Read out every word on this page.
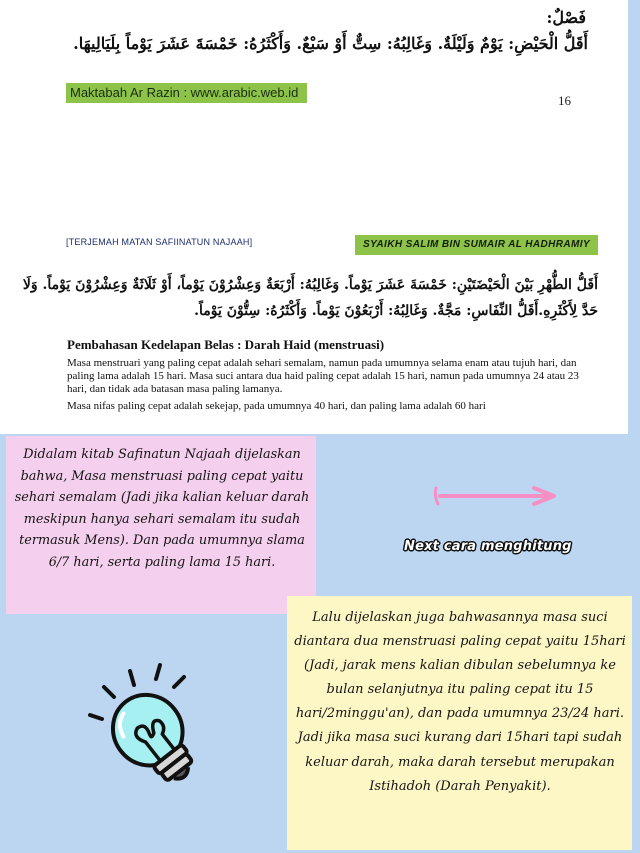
فَصْلٌ:
أَقَلُّ الْحَيْضِ: يَوْمٌ وَلَيْلَةٌ. وَغَالِبُهُ: سِتٌّ أَوْ سَبْعٌ. وَأَكْثَرُهُ: خَمْسَةَ عَشَرَ يَوْماً بِلَيَالِيهَا.
Maktabah Ar Razin : www.arabic.web.id
16
[TERJEMAH MATAN SAFIINATUN NAJAAH]	SYAIKH SALIM BIN SUMAIR AL HADHRAMIY
أَقَلُّ الطُّهْرِ بَيْنَ الْحَيْضَتَيْنِ: خَمْسَةَ عَشَرَ يَوْماً. وَغَالِبُهُ: أَرْبَعَةٌ وَعِشْرُوْنَ يَوْماً، أَوْ ثَلَاثَةٌ وَعِشْرُوْنَ يَوْماً. وَلَا
حَدَّ لِأَكْثَرِهِ.أَقَلُّ النِّفَاسِ: مَجَّةٌ. وَغَالِبُهُ: أَرْبَعُوْنَ يَوْماً. وَأَكْثَرُهُ: سِتُّوْنَ يَوْماً.
Pembahasan Kedelapan Belas : Darah Haid (menstruasi)

Masa menstruari yang paling cepat adalah sehari semalam, namun pada umumnya selama enam atau tujuh hari, dan paling lama adalah 15 hari. Masa suci antara dua haid paling cepat adalah 15 hari, namun pada umumnya 24 atau 23 hari, dan tidak ada batasan masa paling lamanya.

Masa nifas paling cepat adalah sekejap, pada umumnya 40 hari, dan paling lama adalah 60 hari

Didalam kitab Safinatun Najaah dijelaskan bahwa, Masa menstruasi paling cepat yaitu sehari semalam (Jadi jika kalian keluar darah meskipun hanya sehari semalam itu sudah termasuk Mens). Dan pada umumnya slama 6/7 hari, serta paling lama 15 hari.
Next cara menghitung
Lalu dijelaskan juga bahwasannya masa suci diantara dua menstruasi paling cepat yaitu 15hari (Jadi, jarak mens kalian dibulan sebelumnya ke bulan selanjutnya itu paling cepat itu 15 hari/2minggu'an), dan pada umumnya 23/24 hari. Jadi jika masa suci kurang dari 15hari tapi sudah keluar darah, maka darah tersebut merupakan Istihadoh (Darah Penyakit).
